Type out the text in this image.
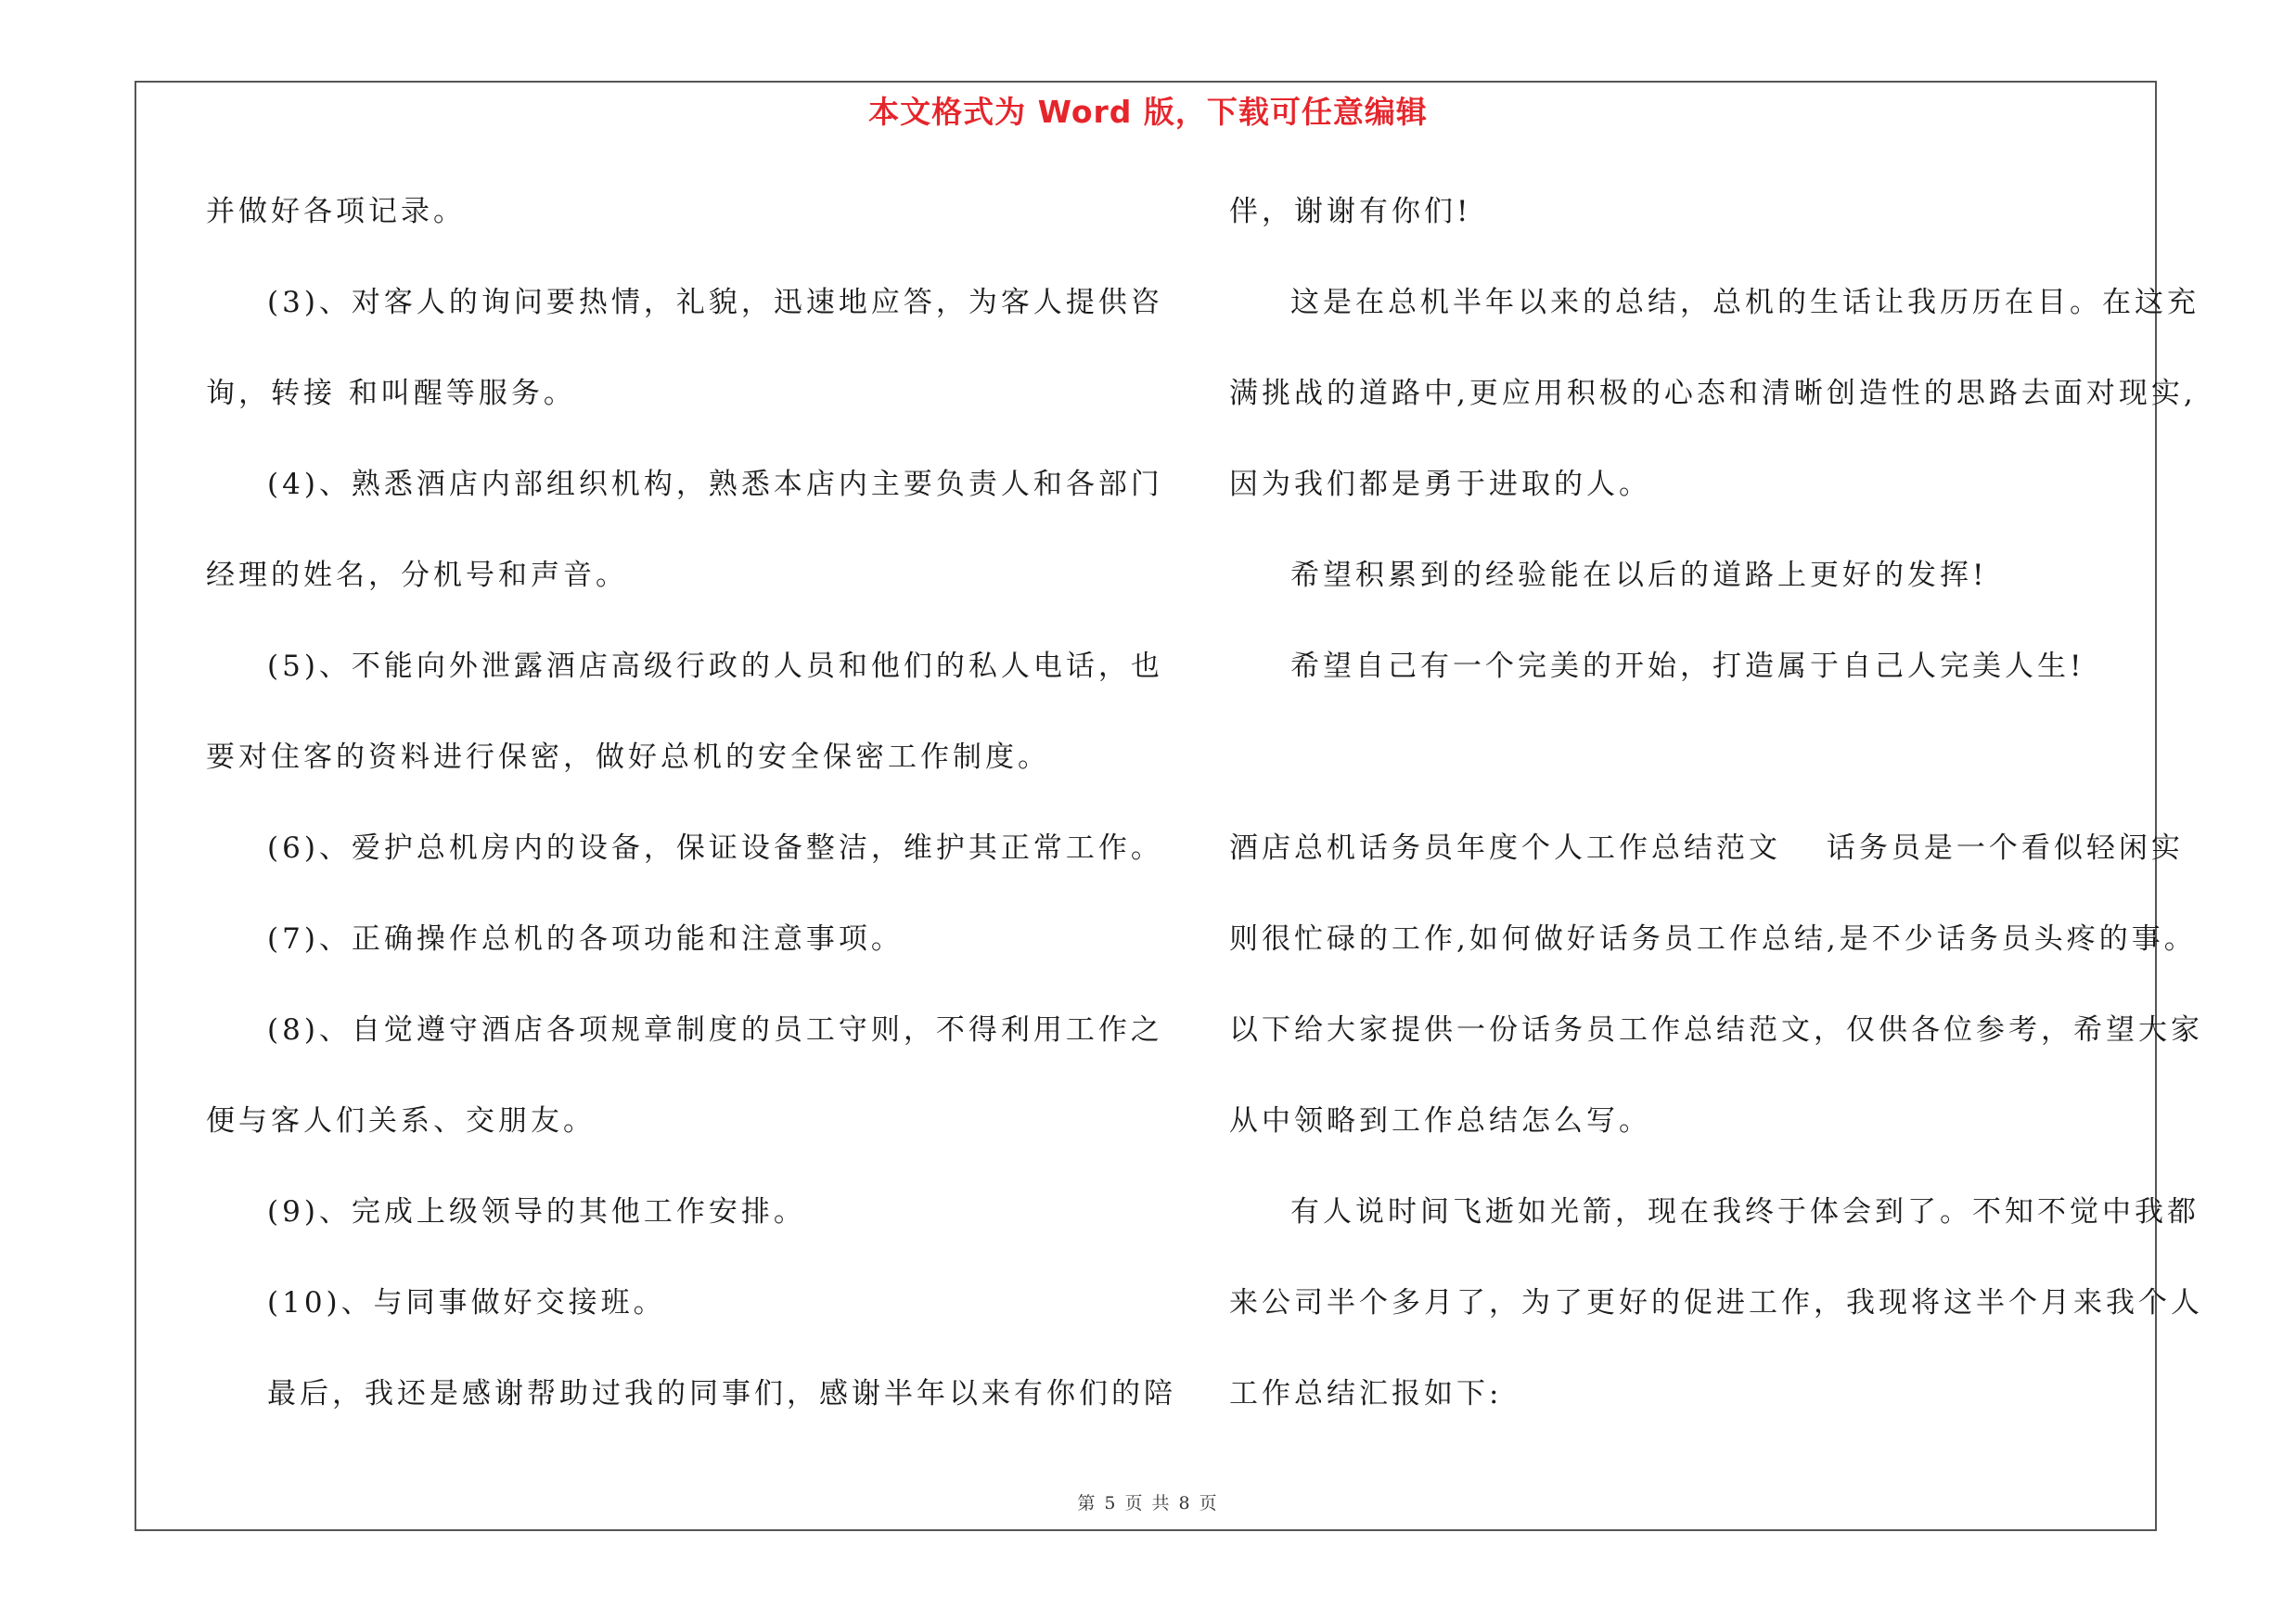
本文格式为 Word 版，下载可任意编辑
并做好各项记录。
(3)、对客人的询问要热情，礼貌，迅速地应答，为客人提供咨
询，转接 和叫醒等服务。
(4)、熟悉酒店内部组织机构，熟悉本店内主要负责人和各部门
经理的姓名，分机号和声音。
(5)、不能向外泄露酒店高级行政的人员和他们的私人电话，也
要对住客的资料进行保密，做好总机的安全保密工作制度。
(6)、爱护总机房内的设备，保证设备整洁，维护其正常工作。
(7)、正确操作总机的各项功能和注意事项。
(8)、自觉遵守酒店各项规章制度的员工守则，不得利用工作之
便与客人们关系、交朋友。
(9)、完成上级领导的其他工作安排。
(10)、与同事做好交接班。
最后，我还是感谢帮助过我的同事们，感谢半年以来有你们的陪
伴，谢谢有你们!
这是在总机半年以来的总结，总机的生话让我历历在目。在这充
满挑战的道路中,更应用积极的心态和清晰创造性的思路去面对现实,
因为我们都是勇于进取的人。
希望积累到的经验能在以后的道路上更好的发挥!
希望自己有一个完美的开始，打造属于自己人完美人生!
酒店总机话务员年度个人工作总结范文　 话务员是一个看似轻闲实
则很忙碌的工作,如何做好话务员工作总结,是不少话务员头疼的事。
以下给大家提供一份话务员工作总结范文，仅供各位参考，希望大家
从中领略到工作总结怎么写。
有人说时间飞逝如光箭，现在我终于体会到了。不知不觉中我都
来公司半个多月了，为了更好的促进工作，我现将这半个月来我个人
工作总结汇报如下:
第 5 页 共 8 页
